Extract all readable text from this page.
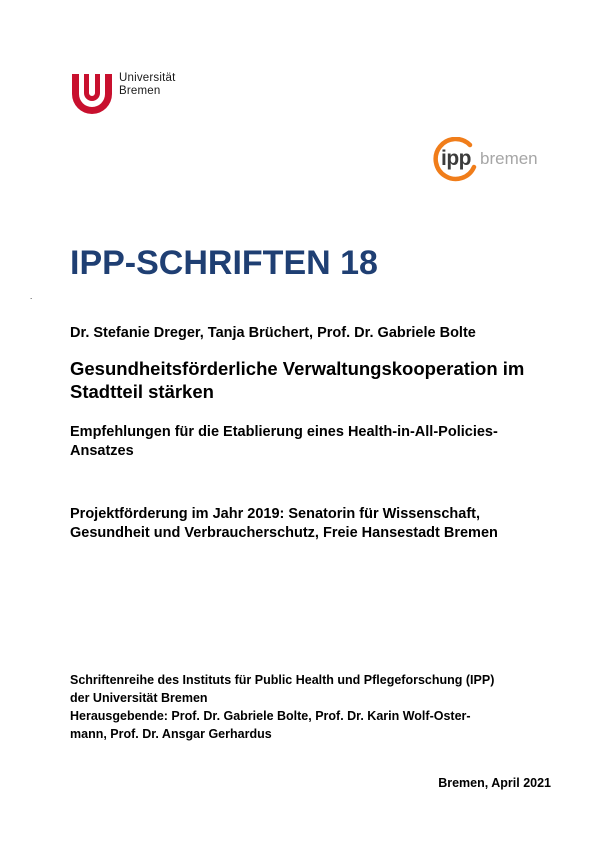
Universität
Bremen
ipp bremen
IPP-SCHRIFTEN 18
.
Dr. Stefanie Dreger, Tanja Brüchert, Prof. Dr. Gabriele Bolte
Gesundheitsförderliche Verwaltungskooperation im Stadtteil stärken
Empfehlungen für die Etablierung eines Health-in-All-Policies-Ansatzes
Projektförderung im Jahr 2019: Senatorin für Wissenschaft, Gesundheit und Verbraucherschutz, Freie Hansestadt Bremen
Schriftenreihe des Instituts für Public Health und Pflegeforschung (IPP)
der Universität Bremen
Herausgebende: Prof. Dr. Gabriele Bolte, Prof. Dr. Karin Wolf-Oster-
mann, Prof. Dr. Ansgar Gerhardus
Bremen, April 2021
